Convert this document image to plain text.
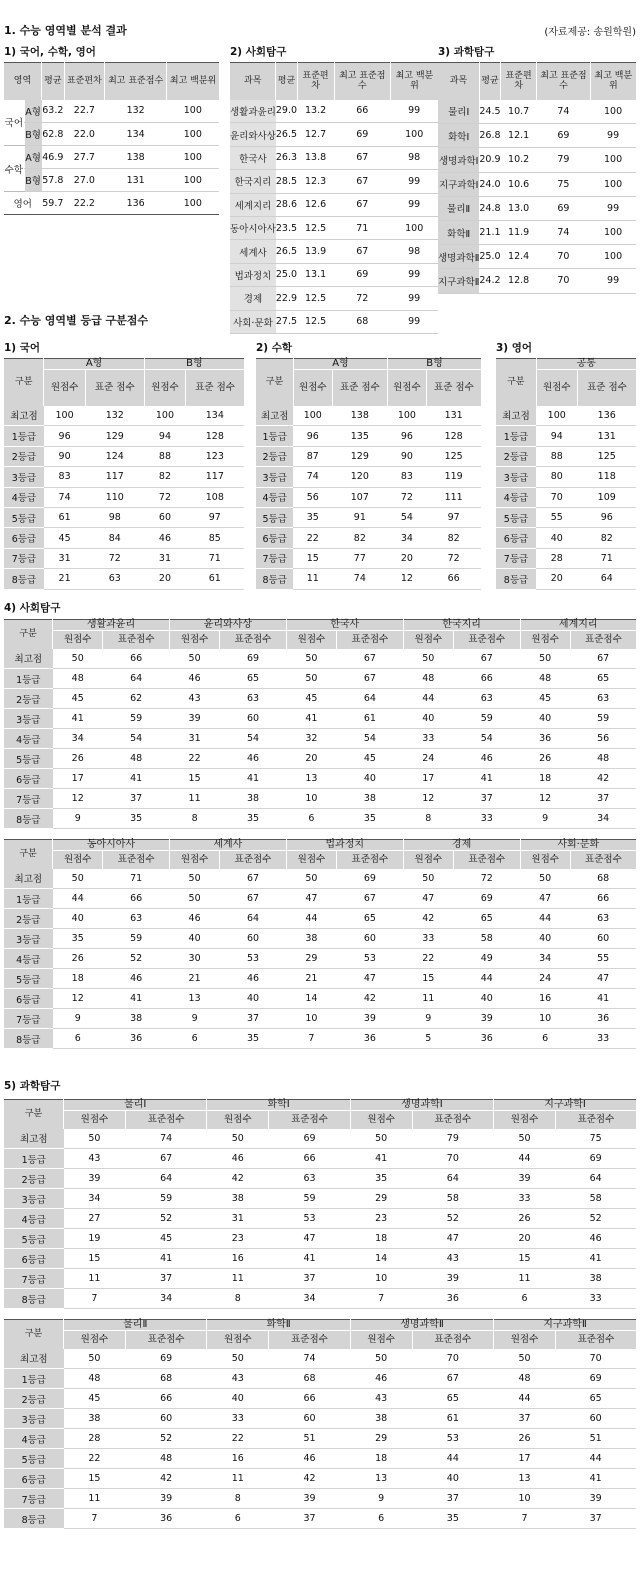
1. 수능 영역별 분석 결과	(자료제공: 송원학원)
1) 국어, 수학, 영어
영역		평균	표준편차	최고 표준점수	최고 백분위
국어	A형	63.2	22.7	132	100
	B형	62.8	22.0	134	100
수학	A형	46.9	27.7	138	100
	B형	57.8	27.0	131	100
영어		59.7	22.2	136	100
2) 사회탐구
과목	평균	표준편차	최고 표준점수	최고 백분위
생활과윤리	29.0	13.2	66	99
윤리와사상	26.5	12.7	69	100
한국사	26.3	13.8	67	98
한국지리	28.5	12.3	67	99
세계지리	28.6	12.6	67	99
동아시아사	23.5	12.5	71	100
세계사	26.5	13.9	67	98
법과정치	25.0	13.1	69	99
경제	22.9	12.5	72	99
사회·문화	27.5	12.5	68	99
3) 과학탐구
과목	평균	표준편차	최고 표준점수	최고 백분위
물리Ⅰ	24.5	10.7	74	100
화학Ⅰ	26.8	12.1	69	99
생명과학Ⅰ	20.9	10.2	79	100
지구과학Ⅰ	24.0	10.6	75	100
물리Ⅱ	24.8	13.0	69	99
화학Ⅱ	21.1	11.9	74	100
생명과학Ⅱ	25.0	12.4	70	100
지구과학Ⅱ	24.2	12.8	70	99
2. 수능 영역별 등급 구분점수
1) 국어
구분	A형		B형	
	원점수	표준 점수	원점수	표준 점수
최고점	100	132	100	134
1등급	96	129	94	128
2등급	90	124	88	123
3등급	83	117	82	117
4등급	74	110	72	108
5등급	61	98	60	97
6등급	45	84	46	85
7등급	31	72	31	71
8등급	21	63	20	61
2) 수학
구분	A형		B형	
	원점수	표준 점수	원점수	표준 점수
최고점	100	138	100	131
1등급	96	135	96	128
2등급	87	129	90	125
3등급	74	120	83	119
4등급	56	107	72	111
5등급	35	91	54	97
6등급	22	82	34	82
7등급	15	77	20	72
8등급	11	74	12	66
3) 영어
구분	공통	
	원점수	표준 점수
최고점	100	136
1등급	94	131
2등급	88	125
3등급	80	118
4등급	70	109
5등급	55	96
6등급	40	82
7등급	28	71
8등급	20	64
4) 사회탐구
구분	생활과윤리		윤리와사상		한국사		한국지리		세계지리	
	원점수	표준점수	원점수	표준점수	원점수	표준점수	원점수	표준점수	원점수	표준점수
최고점	50	66	50	69	50	67	50	67	50	67
1등급	48	64	46	65	50	67	48	66	48	65
2등급	45	62	43	63	45	64	44	63	45	63
3등급	41	59	39	60	41	61	40	59	40	59
4등급	34	54	31	54	32	54	33	54	36	56
5등급	26	48	22	46	20	45	24	46	26	48
6등급	17	41	15	41	13	40	17	41	18	42
7등급	12	37	11	38	10	38	12	37	12	37
8등급	9	35	8	35	6	35	8	33	9	34
구분	동아시아사		세계사		법과정치		경제		사회·문화	
	원점수	표준점수	원점수	표준점수	원점수	표준점수	원점수	표준점수	원점수	표준점수
최고점	50	71	50	67	50	69	50	72	50	68
1등급	44	66	50	67	47	67	47	69	47	66
2등급	40	63	46	64	44	65	42	65	44	63
3등급	35	59	40	60	38	60	33	58	40	60
4등급	26	52	30	53	29	53	22	49	34	55
5등급	18	46	21	46	21	47	15	44	24	47
6등급	12	41	13	40	14	42	11	40	16	41
7등급	9	38	9	37	10	39	9	39	10	36
8등급	6	36	6	35	7	36	5	36	6	33
5) 과학탐구
구분	물리Ⅰ		화학Ⅰ		생명과학Ⅰ		지구과학Ⅰ	
	원점수	표준점수	원점수	표준점수	원점수	표준점수	원점수	표준점수
최고점	50	74	50	69	50	79	50	75
1등급	43	67	46	66	41	70	44	69
2등급	39	64	42	63	35	64	39	64
3등급	34	59	38	59	29	58	33	58
4등급	27	52	31	53	23	52	26	52
5등급	19	45	23	47	18	47	20	46
6등급	15	41	16	41	14	43	15	41
7등급	11	37	11	37	10	39	11	38
8등급	7	34	8	34	7	36	6	33
구분	물리Ⅱ		화학Ⅱ		생명과학Ⅱ		지구과학Ⅱ	
	원점수	표준점수	원점수	표준점수	원점수	표준점수	원점수	표준점수
최고점	50	69	50	74	50	70	50	70
1등급	48	68	43	68	46	67	48	69
2등급	45	66	40	66	43	65	44	65
3등급	38	60	33	60	38	61	37	60
4등급	28	52	22	51	29	53	26	51
5등급	22	48	16	46	18	44	17	44
6등급	15	42	11	42	13	40	13	41
7등급	11	39	8	39	9	37	10	39
8등급	7	36	6	37	6	35	7	37
